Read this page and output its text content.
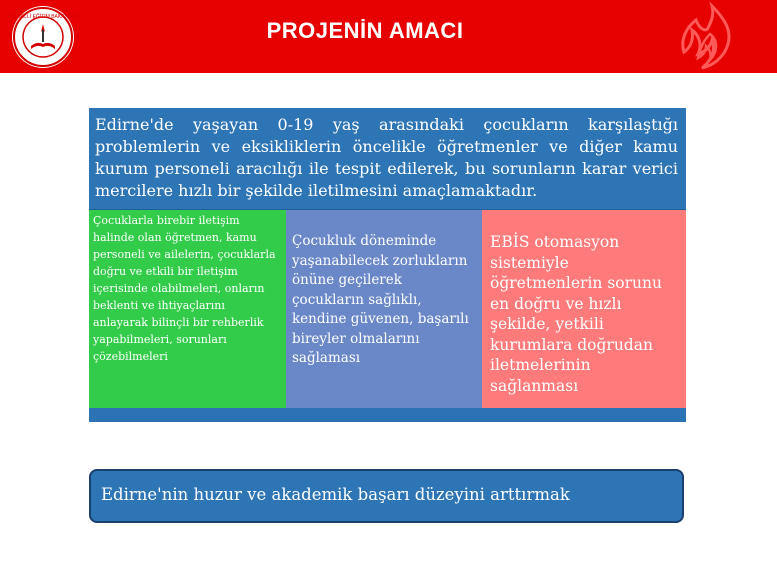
T.C. MİLLİ EĞİTİM BAKANLIĞI
PROJENİN AMACI
Edirne'de yaşayan 0-19 yaş arasındaki çocukların karşılaştığı problemlerin ve eksikliklerin öncelikle öğretmenler ve diğer kamu kurum personeli aracılığı ile tespit edilerek, bu sorunların karar verici mercilere hızlı bir şekilde iletilmesini amaçlamaktadır.
Çocuklarla birebir iletişim halinde olan öğretmen, kamu personeli ve ailelerin, çocuklarla doğru ve etkili bir iletişim içerisinde olabilmeleri, onların beklenti ve ihtiyaçlarını anlayarak bilinçli bir rehberlik yapabilmeleri, sorunları çözebilmeleri
Çocukluk döneminde yaşanabilecek zorlukların önüne geçilerek çocukların sağlıklı, kendine güvenen, başarılı bireyler olmalarını sağlaması
EBİS otomasyon sistemiyle öğretmenlerin sorunu en doğru ve hızlı şekilde, yetkili kurumlara doğrudan iletmelerinin sağlanması
Edirne'nin huzur ve akademik başarı düzeyini arttırmak
